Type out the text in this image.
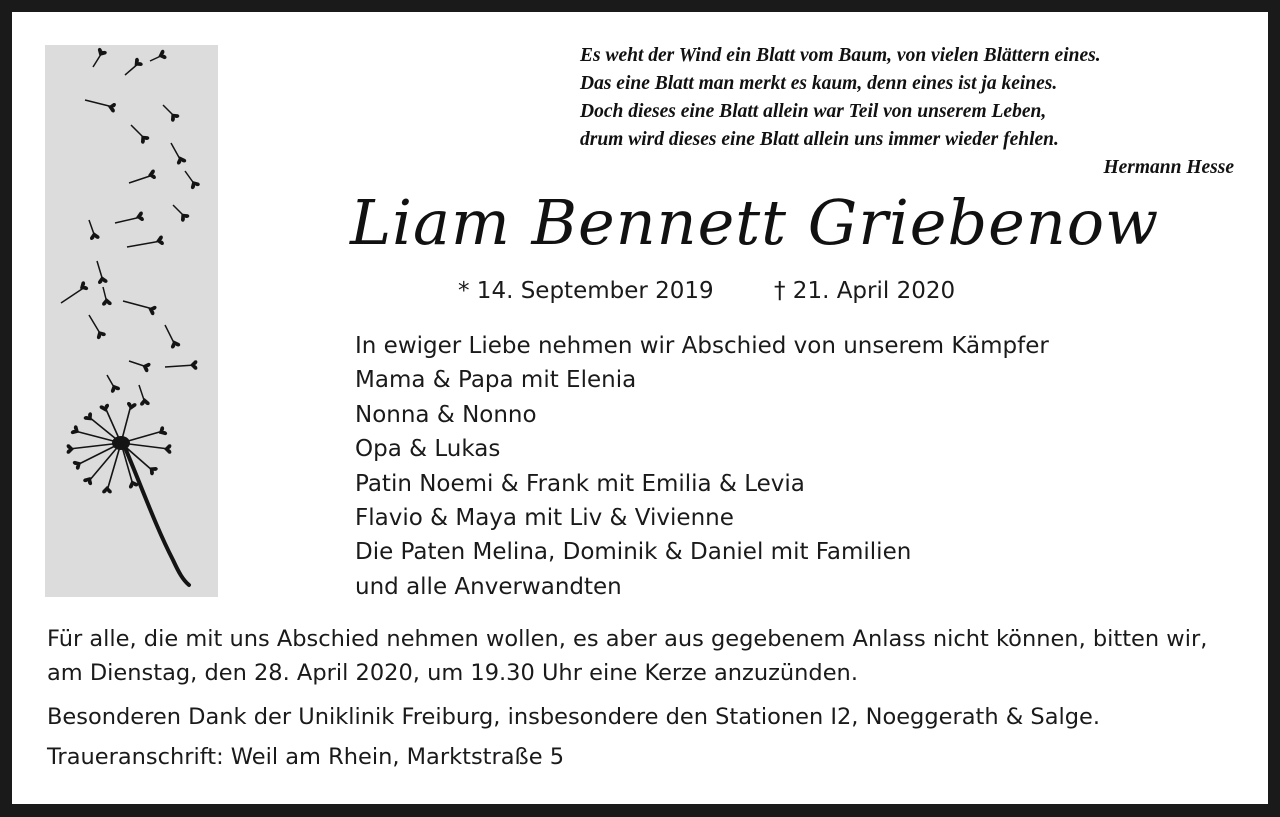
Es weht der Wind ein Blatt vom Baum, von vielen Blättern eines.
Das eine Blatt man merkt es kaum, denn eines ist ja keines.
Doch dieses eine Blatt allein war Teil von unserem Leben,
drum wird dieses eine Blatt allein uns immer wieder fehlen.
Hermann Hesse
Liam Bennett Griebenow
* 14. September 2019	† 21. April 2020
In ewiger Liebe nehmen wir Abschied von unserem Kämpfer
Mama & Papa mit Elenia
Nonna & Nonno
Opa & Lukas
Patin Noemi & Frank mit Emilia & Levia
Flavio & Maya mit Liv & Vivienne
Die Paten Melina, Dominik & Daniel mit Familien
und alle Anverwandten
Für alle, die mit uns Abschied nehmen wollen, es aber aus gegebenem Anlass nicht können, bitten wir,
am Dienstag, den 28. April 2020, um 19.30 Uhr eine Kerze anzuzünden.
Besonderen Dank der Uniklinik Freiburg, insbesondere den Stationen I2, Noeggerath & Salge.
Traueranschrift: Weil am Rhein, Marktstraße 5
